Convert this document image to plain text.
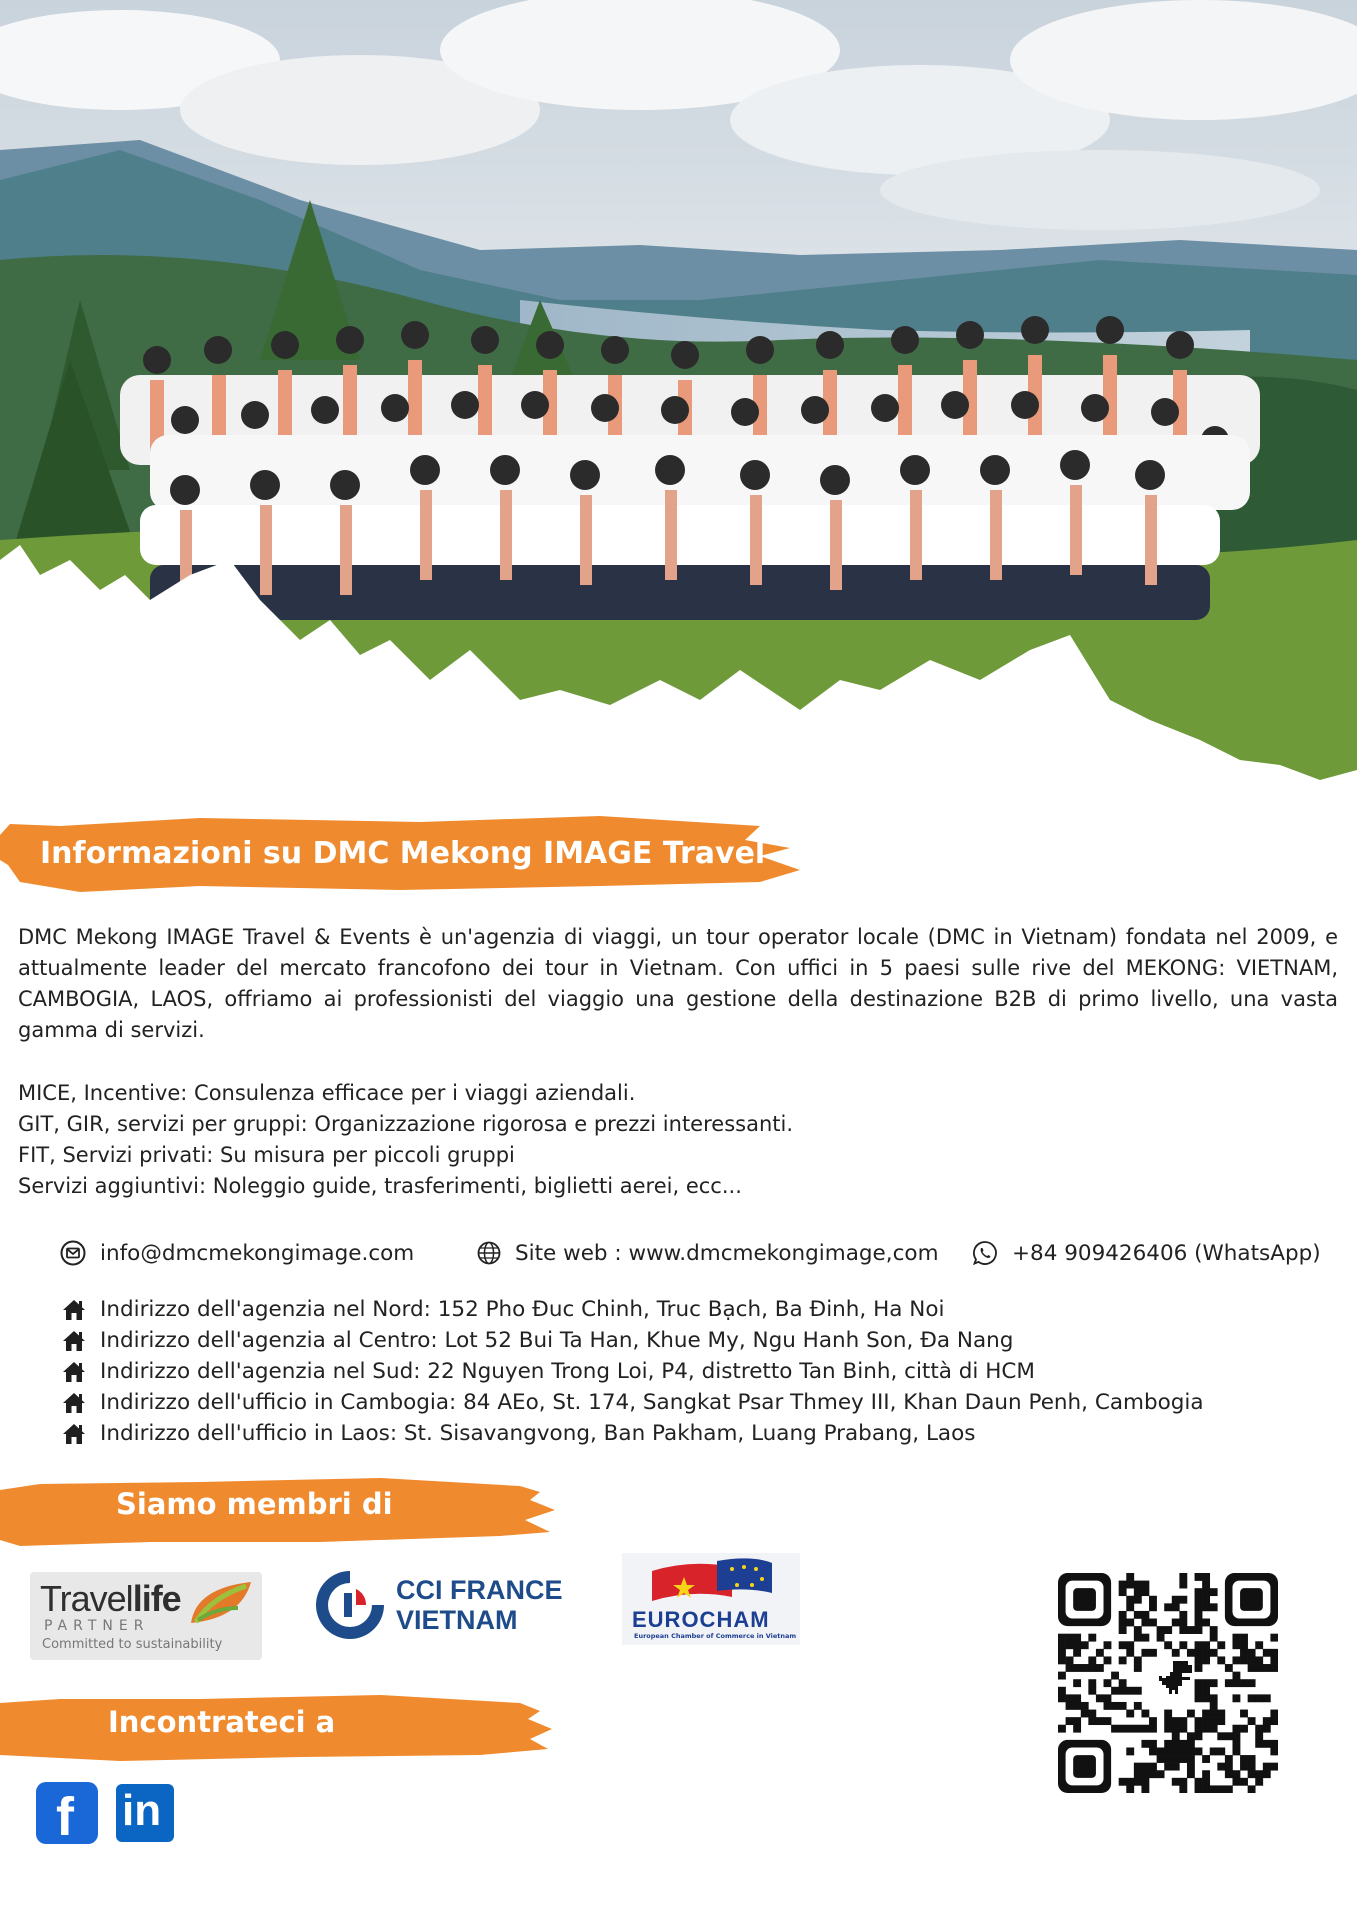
Informazioni su DMC Mekong IMAGE Travel
DMC Mekong IMAGE Travel & Events è un'agenzia di viaggi, un tour operator locale (DMC in Vietnam) fondata nel 2009, e attualmente leader del mercato francofono dei tour in Vietnam. Con uffici in 5 paesi sulle rive del MEKONG: VIETNAM, CAMBOGIA, LAOS, offriamo ai professionisti del viaggio una gestione della destinazione B2B di primo livello, una vasta gamma di servizi.
MICE, Incentive: Consulenza efficace per i viaggi aziendali.
GIT, GIR, servizi per gruppi: Organizzazione rigorosa e prezzi interessanti.
FIT, Servizi privati: Su misura per piccoli gruppi
Servizi aggiuntivi: Noleggio guide, trasferimenti, biglietti aerei, ecc...
info@dmcmekongimage.com	Site web : www.dmcmekongimage,com	+84 909426406 (WhatsApp)
Indirizzo dell'agenzia nel Nord: 152 Pho Đuc Chinh, Truc Bạch, Ba Đinh, Ha Noi
Indirizzo dell'agenzia al Centro: Lot 52 Bui Ta Han, Khue My, Ngu Hanh Son, Đa Nang
Indirizzo dell'agenzia nel Sud: 22 Nguyen Trong Loi, P4, distretto Tan Binh, città di HCM
Indirizzo dell'ufficio in Cambogia: 84 AEo, St. 174, Sangkat Psar Thmey III, Khan Daun Penh, Cambogia
Indirizzo dell'ufficio in Laos: St. Sisavangvong, Ban Pakham, Luang Prabang, Laos
Siamo membri di
Travellife
PARTNER
Committed to sustainability
CCI FRANCE
VIETNAM	EUROCHAM
European Chamber of Commerce in Vietnam
Incontrateci a
f in
